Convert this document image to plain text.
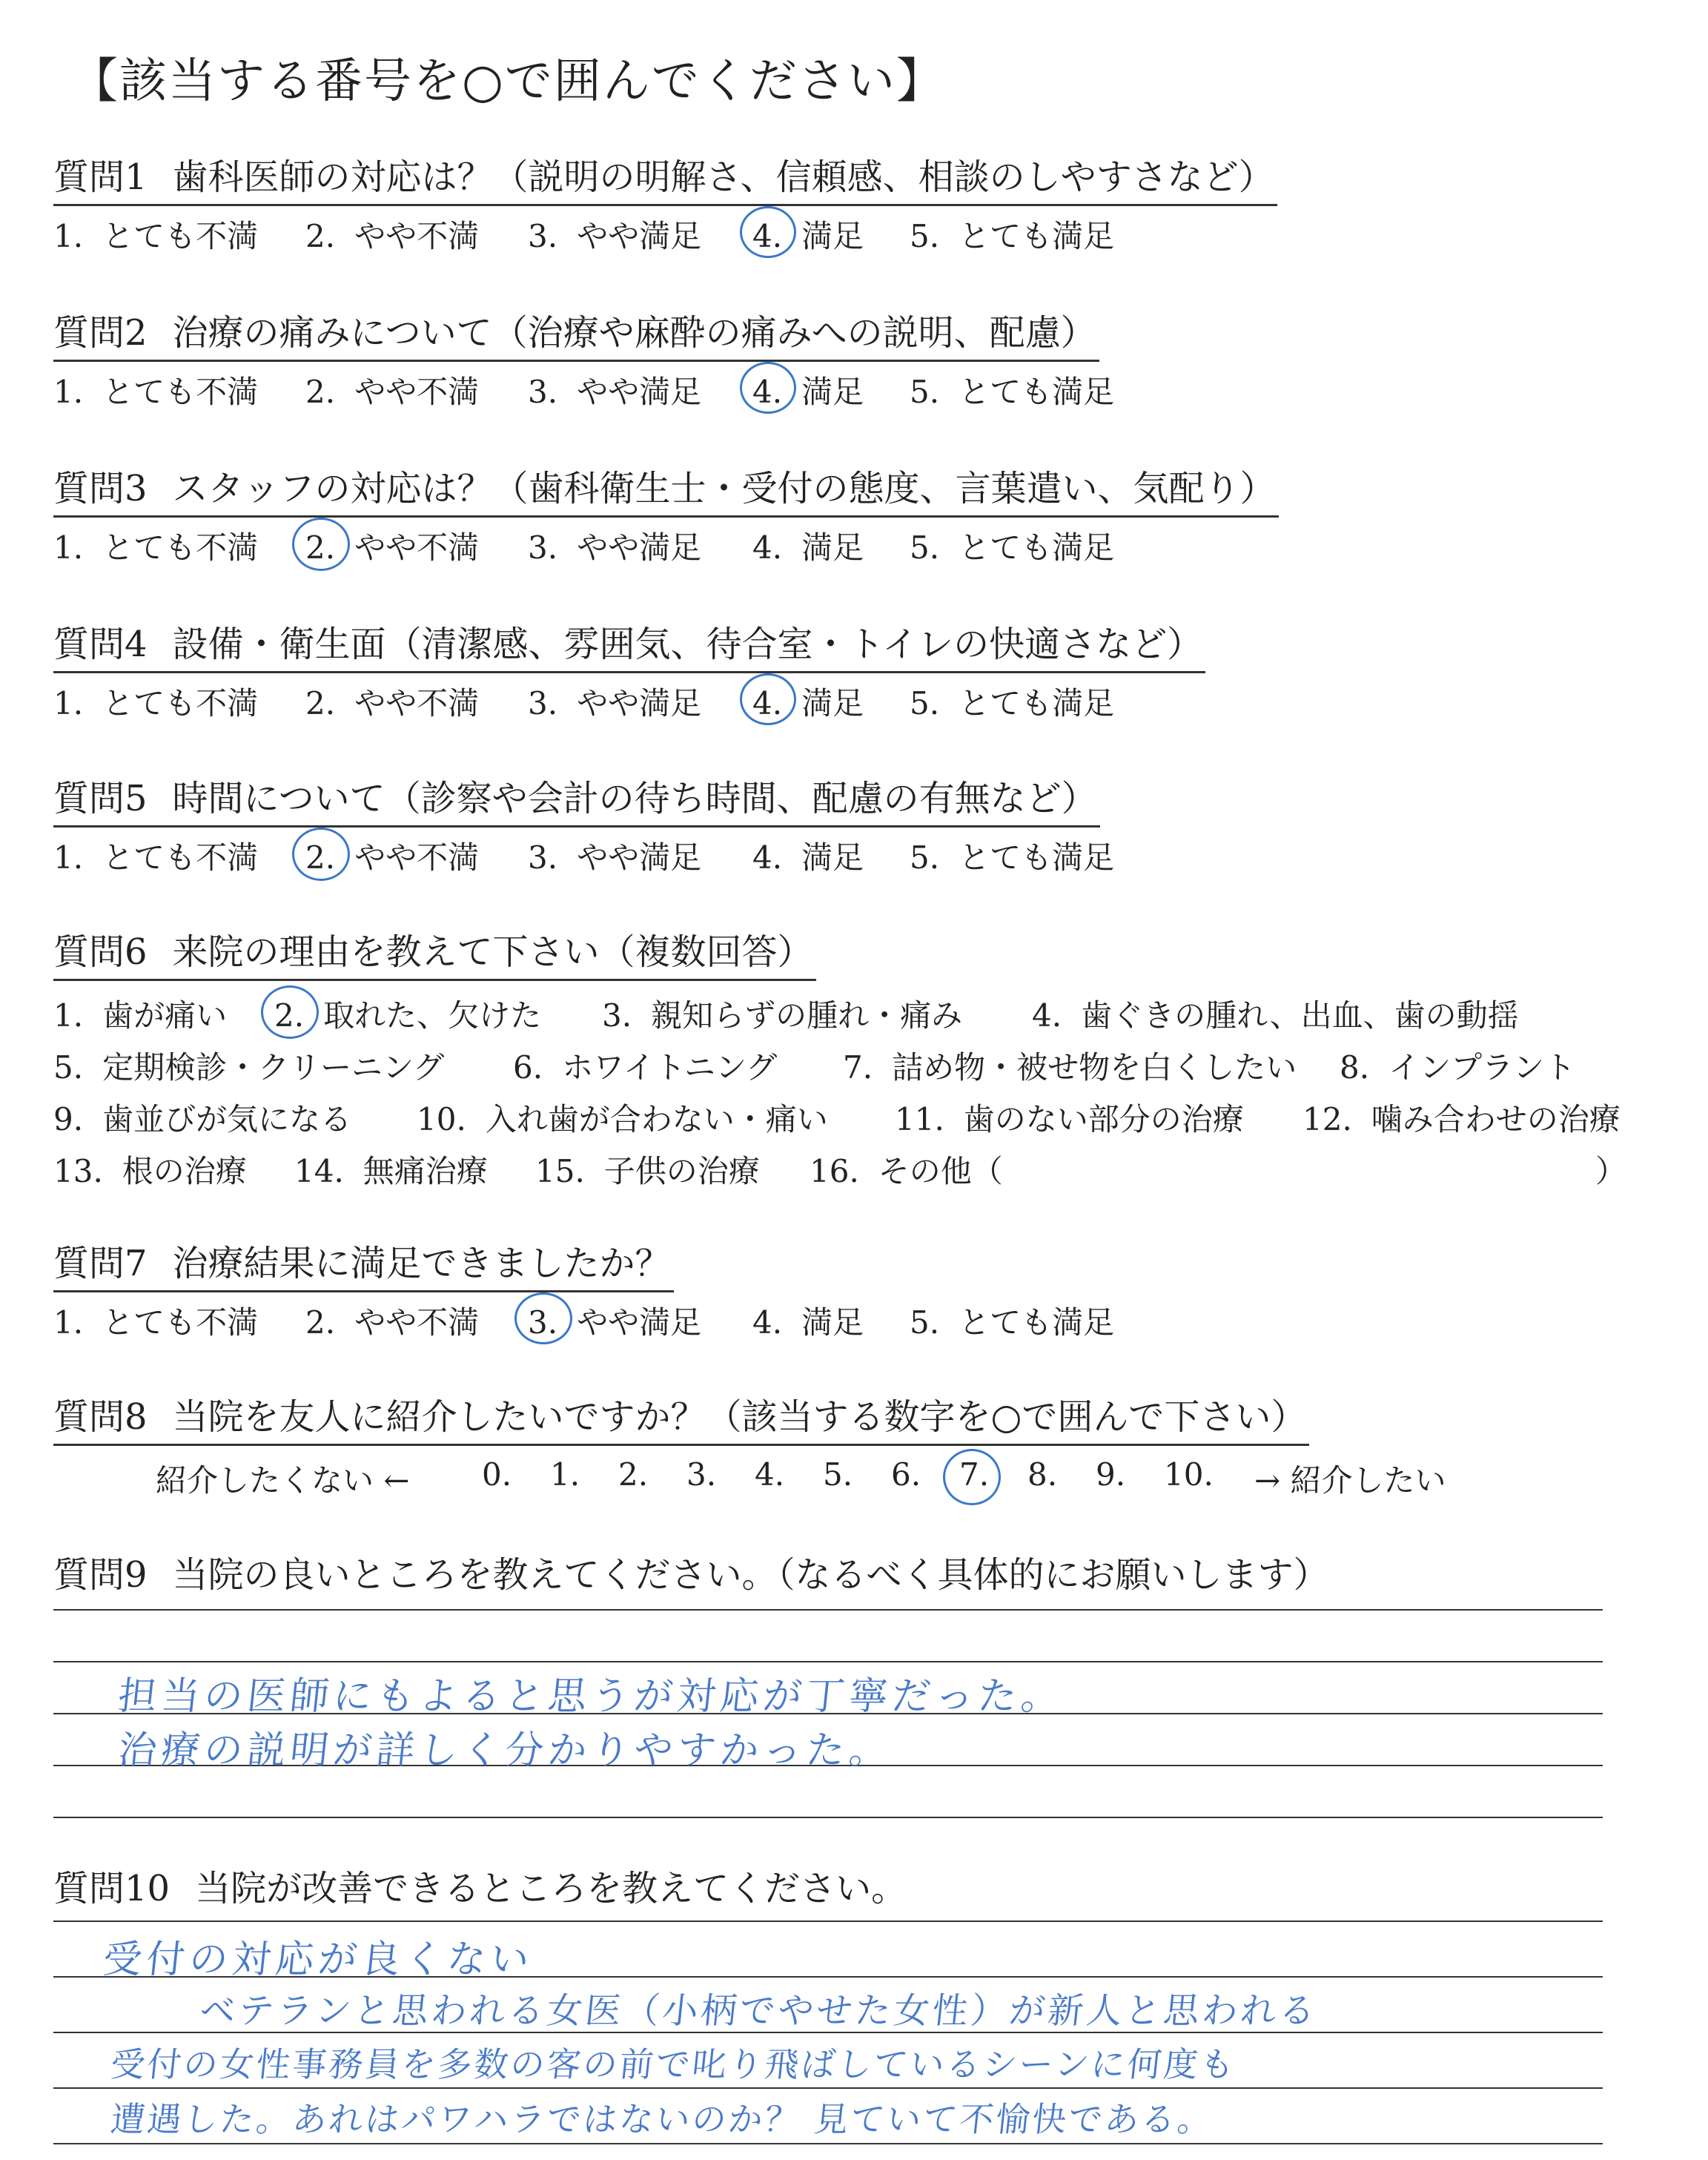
【該当する番号を○で囲んでください】
質問1 歯科医師の対応は？（説明の明解さ、信頼感、相談のしやすさなど）
1. とても不満 2. やや不満 3. やや満足 4. 満足 5. とても満足
質問2 治療の痛みについて（治療や麻酔の痛みへの説明、配慮）
1. とても不満 2. やや不満 3. やや満足 4. 満足 5. とても満足
質問3 スタッフの対応は？（歯科衛生士・受付の態度、言葉遣い、気配り）
1. とても不満 2. やや不満 3. やや満足 4. 満足 5. とても満足
質問4 設備・衛生面（清潔感、雰囲気、待合室・トイレの快適さなど）
1. とても不満 2. やや不満 3. やや満足 4. 満足 5. とても満足
質問5 時間について（診察や会計の待ち時間、配慮の有無など）
1. とても不満 2. やや不満 3. やや満足 4. 満足 5. とても満足
質問6 来院の理由を教えて下さい（複数回答）
1. 歯が痛い 2. 取れた、欠けた 3. 親知らずの腫れ・痛み 4. 歯ぐきの腫れ、出血、歯の動揺
5. 定期検診・クリーニング 6. ホワイトニング 7. 詰め物・被せ物を白くしたい 8. インプラント
9. 歯並びが気になる 10. 入れ歯が合わない・痛い 11. 歯のない部分の治療 12. 噛み合わせの治療
13. 根の治療 14. 無痛治療 15. 子供の治療 16. その他（	）
質問7 治療結果に満足できましたか？
1. とても不満 2. やや不満 3. やや満足 4. 満足 5. とても満足
質問8 当院を友人に紹介したいですか？（該当する数字を○で囲んで下さい）
紹介したくない ← 0. 1. 2. 3. 4. 5. 6. 7. 8. 9. 10. → 紹介したい
質問9 当院の良いところを教えてください。（なるべく具体的にお願いします）
担当の医師にもよると思うが対応が丁寧だった。
治療の説明が詳しく分かりやすかった。
質問10 当院が改善できるところを教えてください。
受付の対応が良くない
ベテランと思われる女医（小柄でやせた女性）が新人と思われる
受付の女性事務員を多数の客の前で叱り飛ばしているシーンに何度も
遭遇した。あれはパワハラではないのか？ 見ていて不愉快である。
